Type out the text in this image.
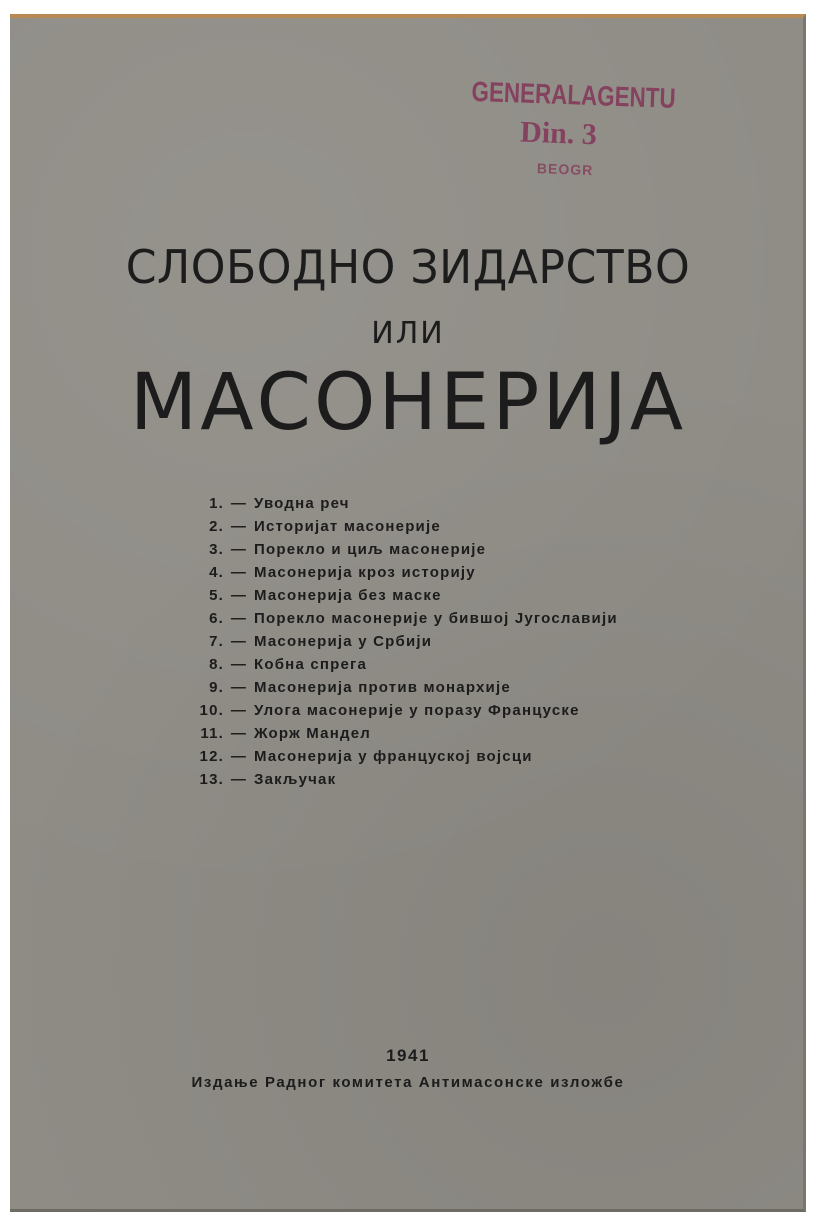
GENERALAGENTU
Din. 3
BEOGR
СЛОБОДНО ЗИДАРСТВО
ИЛИ
МАСОНЕРИЈА
1. — Уводна реч
2. — Историјат масонерије
3. — Порекло и циљ масонерије
4. — Масонерија кроз историју
5. — Масонерија без маске
6. — Порекло масонерије у бившој Југославији
7. — Масонерија у Србији
8. — Кобна спрега
9. — Масонерија против монархије
10. — Улога масонерије у поразу Француске
11. — Жорж Мандел
12. — Масонерија у француској војсци
13. — Закључак
1941
Издање Радног комитета Антимасонске изложбе
